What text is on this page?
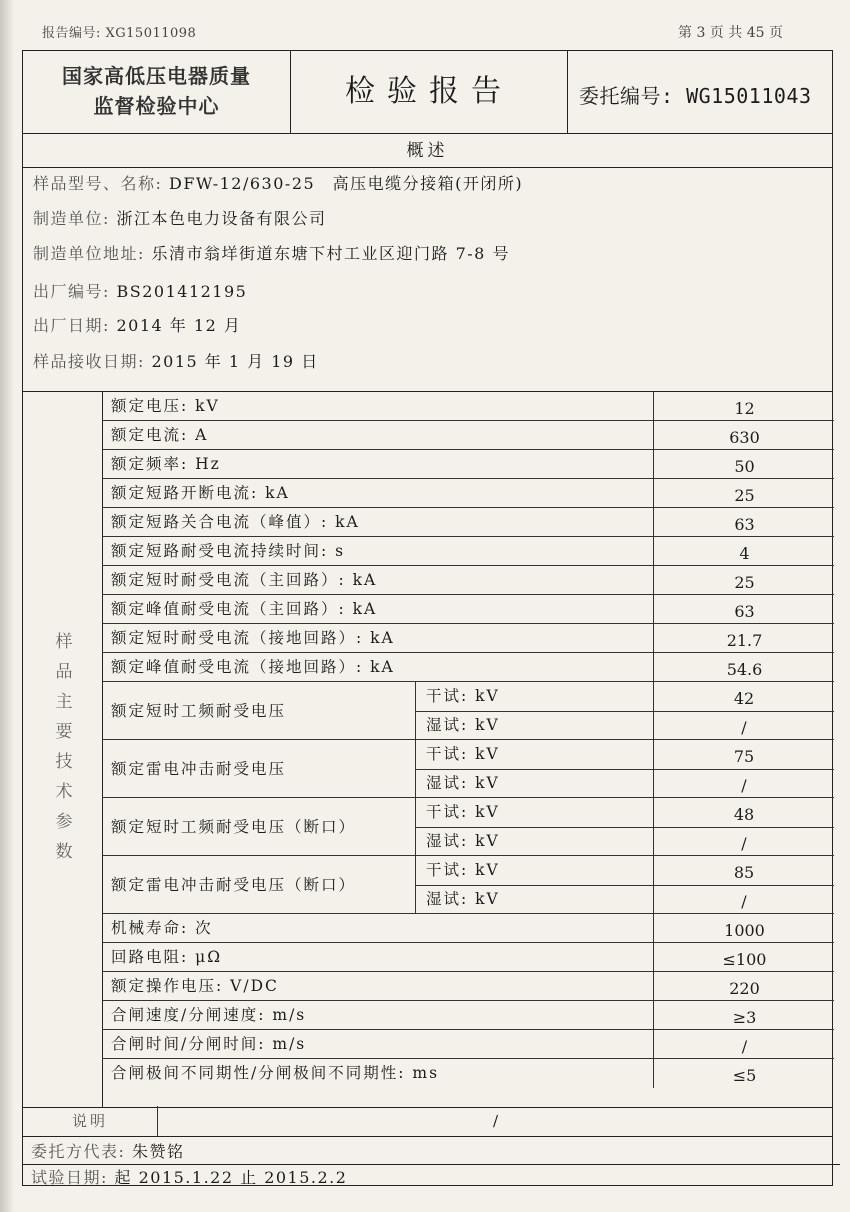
报告编号: XG15011098	第 3 页 共 45 页
国家高低压电器质量
监督检验中心	检验报告	委托编号: WG15011043
概述
样品型号、名称: DFW-12/630-25　高压电缆分接箱(开闭所)
制造单位: 浙江本色电力设备有限公司
制造单位地址: 乐清市翁垟街道东塘下村工业区迎门路 7-8 号
出厂编号: BS201412195
出厂日期: 2014 年 12 月
样品接收日期: 2015 年 1 月 19 日
样品主要技术参数
额定电压: kV	12
额定电流: A	630
额定频率: Hz	50
额定短路开断电流: kA	25
额定短路关合电流（峰值）: kA	63
额定短路耐受电流持续时间: s	4
额定短时耐受电流（主回路）: kA	25
额定峰值耐受电流（主回路）: kA	63
额定短时耐受电流（接地回路）: kA	21.7
额定峰值耐受电流（接地回路）: kA	54.6
额定短时工频耐受电压
干试: kV	42
湿试: kV	/
额定雷电冲击耐受电压
干试: kV	75
湿试: kV	/
额定短时工频耐受电压（断口）
干试: kV	48
湿试: kV	/
额定雷电冲击耐受电压（断口）
干试: kV	85
湿试: kV	/
机械寿命: 次	1000
回路电阻: μΩ	≤100
额定操作电压: V/DC	220
合闸速度/分闸速度: m/s	≥3
合闸时间/分闸时间: m/s	/
合闸极间不同期性/分闸极间不同期性: ms	≤5
说明	/
委托方代表: 朱赞铭
试验日期: 起 2015.1.22 止 2015.2.2
